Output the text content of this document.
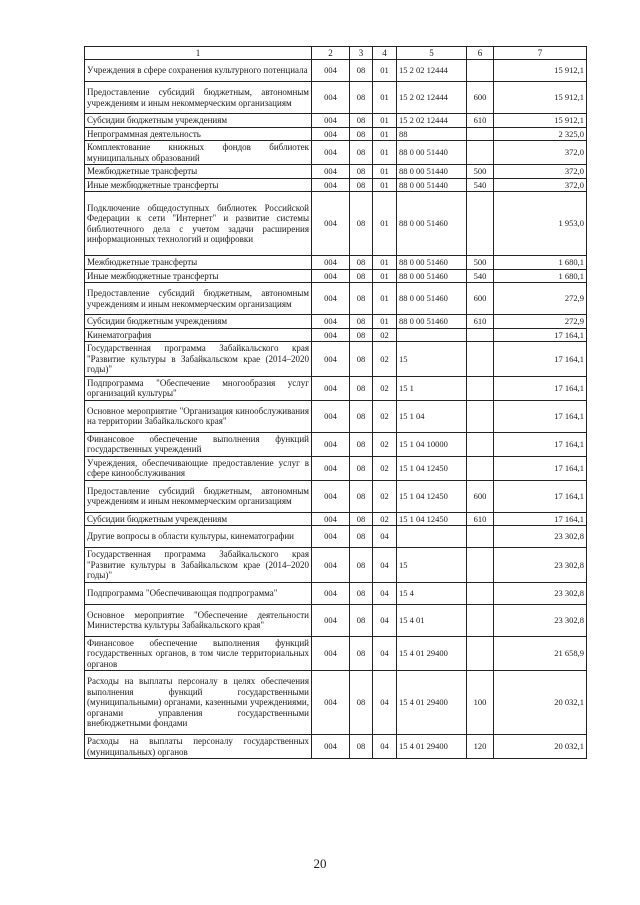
1	2	3	4	5	6	7
Учреждения в сфере сохранения культурного потенциала	004	08	01	15 2 02 12444		15 912,1
Предоставление субсидий бюджетным, автономным учреждениям и иным некоммерческим организациям	004	08	01	15 2 02 12444	600	15 912,1
Субсидии бюджетным учреждениям	004	08	01	15 2 02 12444	610	15 912,1
Непрограммная деятельность	004	08	01	88		2 325,0
Комплектование книжных фондов библиотек муниципальных образований	004	08	01	88 0 00 51440		372,0
Межбюджетные трансферты	004	08	01	88 0 00 51440	500	372,0
Иные межбюджетные трансферты	004	08	01	88 0 00 51440	540	372,0
Подключение общедоступных библиотек Российской Федерации к сети "Интернет" и развитие системы библиотечного дела с учетом задачи расширения информационных технологий и оцифровки	004	08	01	88 0 00 51460		1 953,0
Межбюджетные трансферты	004	08	01	88 0 00 51460	500	1 680,1
Иные межбюджетные трансферты	004	08	01	88 0 00 51460	540	1 680,1
Предоставление субсидий бюджетным, автономным учреждениям и иным некоммерческим организациям	004	08	01	88 0 00 51460	600	272,9
Субсидии бюджетным учреждениям	004	08	01	88 0 00 51460	610	272,9
Кинематография	004	08	02			17 164,1
Государственная программа Забайкальского края "Развитие культуры в Забайкальском крае (2014–2020 годы)"	004	08	02	15		17 164,1
Подпрограмма "Обеспечение многообразия услуг организаций культуры"	004	08	02	15 1		17 164,1
Основное мероприятие "Организация кинообслуживания на территории Забайкальского края"	004	08	02	15 1 04		17 164,1
Финансовое обеспечение выполнения функций государственных учреждений	004	08	02	15 1 04 10000		17 164,1
Учреждения, обеспечивающие предоставление услуг в сфере кинообслуживания	004	08	02	15 1 04 12450		17 164,1
Предоставление субсидий бюджетным, автономным учреждениям и иным некоммерческим организациям	004	08	02	15 1 04 12450	600	17 164,1
Субсидии бюджетным учреждениям	004	08	02	15 1 04 12450	610	17 164,1
Другие вопросы в области культуры, кинематографии	004	08	04			23 302,8
Государственная программа Забайкальского края "Развитие культуры в Забайкальском крае (2014–2020 годы)"	004	08	04	15		23 302,8
Подпрограмма "Обеспечивающая подпрограмма"	004	08	04	15 4		23 302,8
Основное мероприятие "Обеспечение деятельности Министерства культуры Забайкальского края"	004	08	04	15 4 01		23 302,8
Финансовое обеспечение выполнения функций государственных органов, в том числе территориальных органов	004	08	04	15 4 01 29400		21 658,9
Расходы на выплаты персоналу в целях обеспечения выполнения функций государственными (муниципальными) органами, казенными учреждениями, органами управления государственными внебюджетными фондами	004	08	04	15 4 01 29400	100	20 032,1
Расходы на выплаты персоналу государственных (муниципальных) органов	004	08	04	15 4 01 29400	120	20 032,1
20
